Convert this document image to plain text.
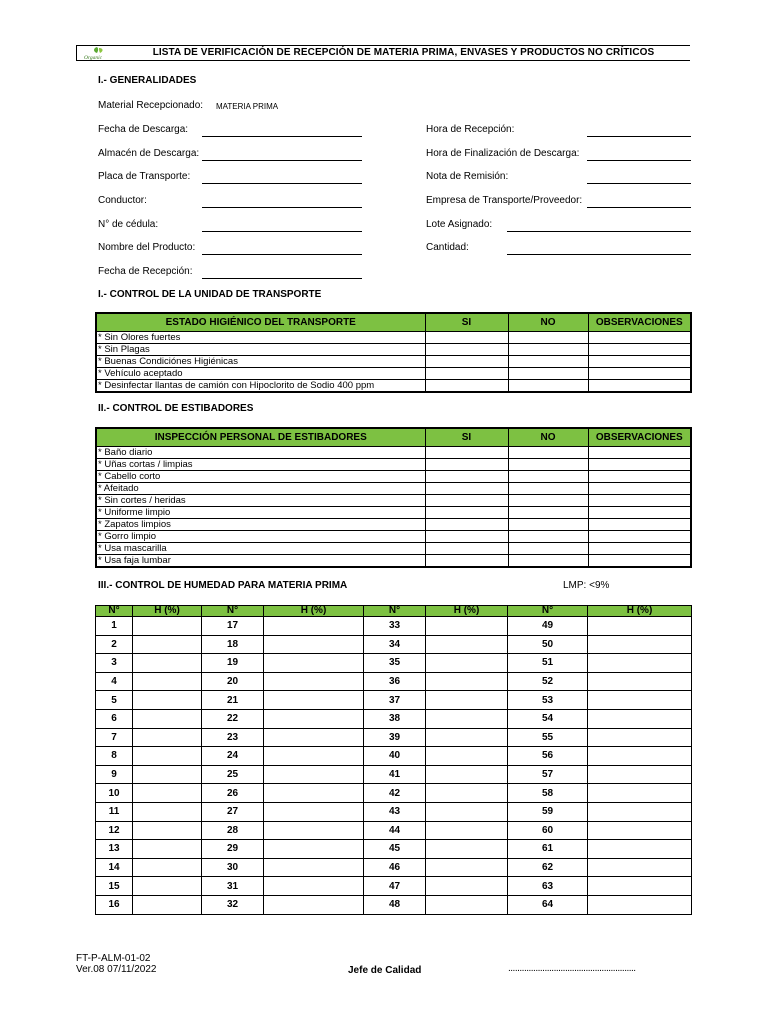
Organic	LISTA DE VERIFICACIÓN DE RECEPCIÓN DE MATERIA PRIMA, ENVASES Y PRODUCTOS NO CRÍTICOS
I.- GENERALIDADES
Material Recepcionado: MATERIA PRIMA
Fecha de Descarga:
Almacén de Descarga:
Placa de Transporte:
Conductor:
N° de cédula:
Nombre del Producto:
Fecha de Recepción:
Hora de Recepción:
Hora de Finalización de Descarga:
Nota de Remisión:
Empresa de Transporte/Proveedor:
Lote Asignado:
Cantidad:
I.- CONTROL DE LA UNIDAD DE TRANSPORTE
ESTADO HIGIÉNICO DEL TRANSPORTE	SI	NO	OBSERVACIONES
* Sin Olores fuertes			
* Sin Plagas			
* Buenas Condiciónes Higiénicas			
* Vehículo aceptado			
* Desinfectar llantas de camión con Hipoclorito de Sodio 400 ppm			
II.- CONTROL DE ESTIBADORES
INSPECCIÓN PERSONAL DE ESTIBADORES	SI	NO	OBSERVACIONES
* Baño diario			
* Uñas cortas / limpias			
* Cabello corto			
* Afeitado			
* Sin cortes / heridas			
* Uniforme limpio			
* Zapatos limpios			
* Gorro limpio			
* Usa mascarilla			
* Usa faja lumbar			
III.- CONTROL DE HUMEDAD PARA MATERIA PRIMA	LMP: <9%
N°	H (%)	N°	H (%)	N°	H (%)	N°	H (%)
1		17		33		49	
2		18		34		50	
3		19		35		51	
4		20		36		52	
5		21		37		53	
6		22		38		54	
7		23		39		55	
8		24		40		56	
9		25		41		57	
10		26		42		58	
11		27		43		59	
12		28		44		60	
13		29		45		61	
14		30		46		62	
15		31		47		63	
16		32		48		64	
FT-P-ALM-01-02
Ver.08 07/11/2022	Jefe de Calidad	........................................................
